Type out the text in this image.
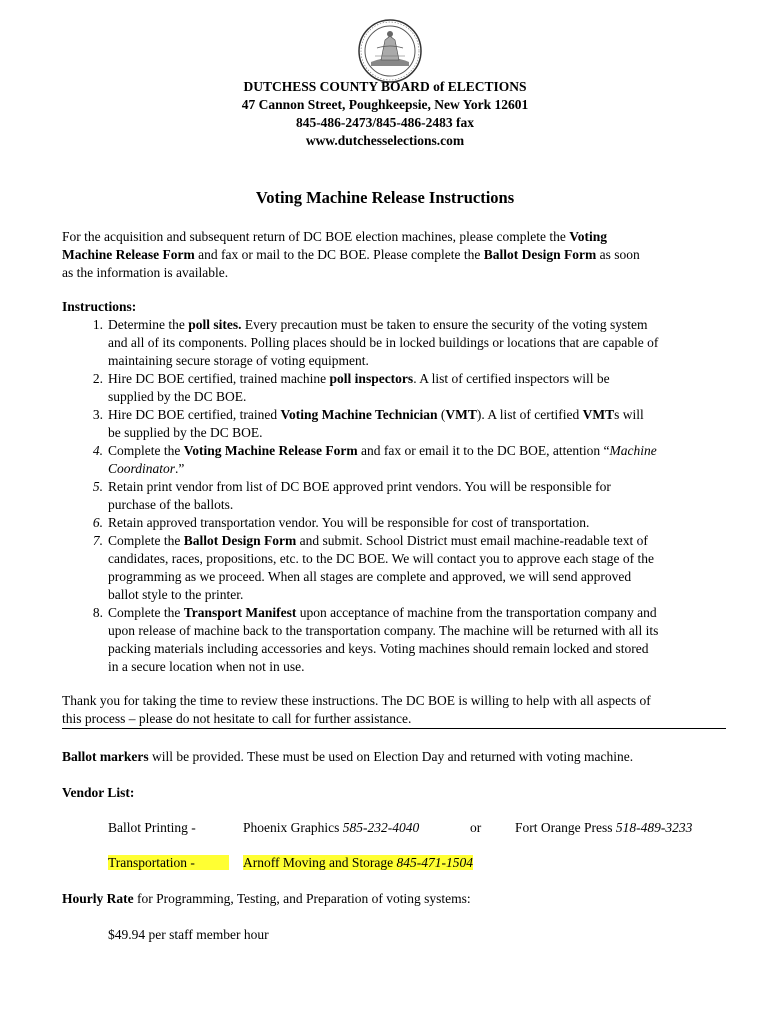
DUTCHESS COUNTY BOARD of ELECTIONS
47 Cannon Street, Poughkeepsie, New York 12601
845-486-2473/845-486-2483 fax
www.dutchesselections.com
Voting Machine Release Instructions
For the acquisition and subsequent return of DC BOE election machines, please complete the Voting
Machine Release Form and fax or mail to the DC BOE. Please complete the Ballot Design Form as soon
as the information is available.
Instructions:
1. Determine the poll sites. Every precaution must be taken to ensure the security of the voting system
and all of its components. Polling places should be in locked buildings or locations that are capable of
maintaining secure storage of voting equipment.
2. Hire DC BOE certified, trained machine poll inspectors. A list of certified inspectors will be
supplied by the DC BOE.
3. Hire DC BOE certified, trained Voting Machine Technician (VMT). A list of certified VMTs will
be supplied by the DC BOE.
4. Complete the Voting Machine Release Form and fax or email it to the DC BOE, attention “Machine
Coordinator.”
5. Retain print vendor from list of DC BOE approved print vendors. You will be responsible for
purchase of the ballots.
6. Retain approved transportation vendor. You will be responsible for cost of transportation.
7. Complete the Ballot Design Form and submit. School District must email machine-readable text of
candidates, races, propositions, etc. to the DC BOE. We will contact you to approve each stage of the
programming as we proceed. When all stages are complete and approved, we will send approved
ballot style to the printer.
8. Complete the Transport Manifest upon acceptance of machine from the transportation company and
upon release of machine back to the transportation company. The machine will be returned with all its
packing materials including accessories and keys. Voting machines should remain locked and stored
in a secure location when not in use.
Thank you for taking the time to review these instructions. The DC BOE is willing to help with all aspects of
this process – please do not hesitate to call for further assistance.
Ballot markers will be provided. These must be used on Election Day and returned with voting machine.
Vendor List:
Ballot Printing -	Phoenix Graphics 585-232-4040	or	Fort Orange Press 518-489-3233
Transportation -	Arnoff Moving and Storage 845-471-1504
Hourly Rate for Programming, Testing, and Preparation of voting systems:
$49.94 per staff member hour
